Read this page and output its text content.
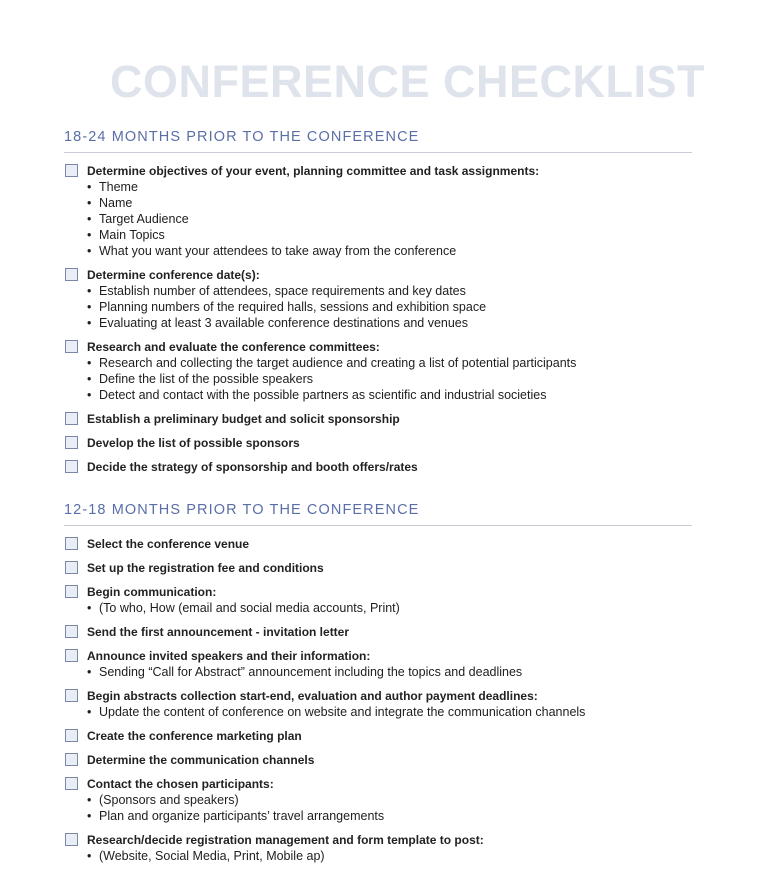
CONFERENCE CHECKLIST
18-24 MONTHS PRIOR TO THE CONFERENCE
Determine objectives of your event, planning committee and task assignments:
• Theme
• Name
• Target Audience
• Main Topics
• What you want your attendees to take away from the conference
Determine conference date(s):
• Establish number of attendees, space requirements and key dates
• Planning numbers of the required halls, sessions and exhibition space
• Evaluating at least 3 available conference destinations and venues
Research and evaluate the conference committees:
• Research and collecting the target audience and creating a list of potential participants
• Define the list of the possible speakers
• Detect and contact with the possible partners as scientific and industrial societies
Establish a preliminary budget and solicit sponsorship
Develop the list of possible sponsors
Decide the strategy of sponsorship and booth offers/rates
12-18 MONTHS PRIOR TO THE CONFERENCE
Select the conference venue
Set up the registration fee and conditions
Begin communication:
• (To who, How (email and social media accounts, Print)
Send the first announcement - invitation letter
Announce invited speakers and their information:
• Sending “Call for Abstract” announcement including the topics and deadlines
Begin abstracts collection start-end, evaluation and author payment deadlines:
• Update the content of conference on website and integrate the communication channels
Create the conference marketing plan
Determine the communication channels
Contact the chosen participants:
• (Sponsors and speakers)
• Plan and organize participants’ travel arrangements
Research/decide registration management and form template to post:
• (Website, Social Media, Print, Mobile ap)
